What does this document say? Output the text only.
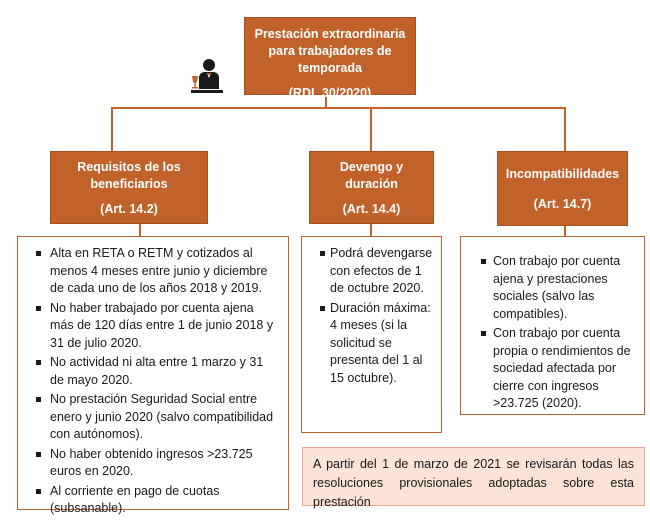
Prestación extraordinaria para trabajadores de temporada
(RDL 30/2020)
Requisitos de los beneficiarios
(Art. 14.2)
Devengo y duración
(Art. 14.4)
Incompatibilidades
(Art. 14.7)
Alta en RETA o RETM y cotizados al menos 4 meses entre junio y diciembre de cada uno de los años 2018 y 2019.
No haber trabajado por cuenta ajena más de 120 días entre 1 de junio 2018 y 31 de julio 2020.
No actividad ni alta entre 1 marzo y 31 de mayo 2020.
No prestación Seguridad Social entre enero y junio 2020 (salvo compatibilidad con autónomos).
No haber obtenido ingresos >23.725 euros en 2020.
Al corriente en pago de cuotas (subsanable).
Podrá devengarse con efectos de 1 de octubre 2020.
Duración máxima: 4 meses (si la solicitud se presenta del 1 al 15 octubre).
Con trabajo por cuenta ajena y prestaciones sociales (salvo las compatibles).
Con trabajo por cuenta propia o rendimientos de sociedad afectada por cierre con ingresos >23.725 (2020).
A partir del 1 de marzo de 2021 se revisarán todas las resoluciones provisionales adoptadas sobre esta prestación
